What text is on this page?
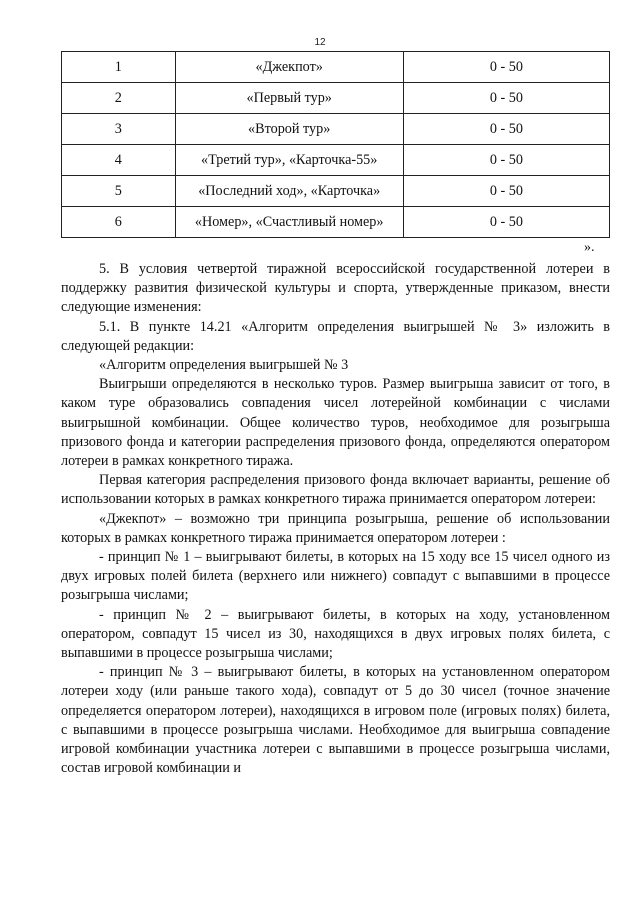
12
1	«Джекпот»	0 - 50
2	«Первый тур»	0 - 50
3	«Второй тур»	0 - 50
4	«Третий тур», «Карточка-55»	0 - 50
5	«Последний ход», «Карточка»	0 - 50
6	«Номер», «Счастливый номер»	0 - 50
».

5. В условия четвертой тиражной всероссийской государственной лотереи в поддержку развития физической культуры и спорта, утвержденные приказом, внести следующие изменения:

5.1. В пункте 14.21 «Алгоритм определения выигрышей № 3» изложить в следующей редакции:

«Алгоритм определения выигрышей № 3

Выигрыши определяются в несколько туров. Размер выигрыша зависит от того, в каком туре образовались совпадения чисел лотерейной комбинации с числами выигрышной комбинации. Общее количество туров, необходимое для розыгрыша призового фонда и категории распределения призового фонда, определяются оператором лотереи в рамках конкретного тиража.

Первая категория распределения призового фонда включает варианты, решение об использовании которых в рамках конкретного тиража принимается оператором лотереи:

«Джекпот» – возможно три принципа розыгрыша, решение об использовании которых в рамках конкретного тиража принимается оператором лотереи :

- принцип № 1 – выигрывают билеты, в которых на 15 ходу все 15 чисел одного из двух игровых полей билета (верхнего или нижнего) совпадут с выпавшими в процессе розыгрыша числами;

- принцип № 2 – выигрывают билеты, в которых на ходу, установленном оператором, совпадут 15 чисел из 30, находящихся в двух игровых полях билета, с выпавшими в процессе розыгрыша числами;

- принцип № 3 – выигрывают билеты, в которых на установленном оператором лотереи ходу (или раньше такого хода), совпадут от 5 до 30 чисел (точное значение определяется оператором лотереи), находящихся в игровом поле (игровых полях) билета, с выпавшими в процессе розыгрыша числами. Необходимое для выигрыша совпадение игровой комбинации участника лотереи с выпавшими в процессе розыгрыша числами, состав игровой комбинации и
